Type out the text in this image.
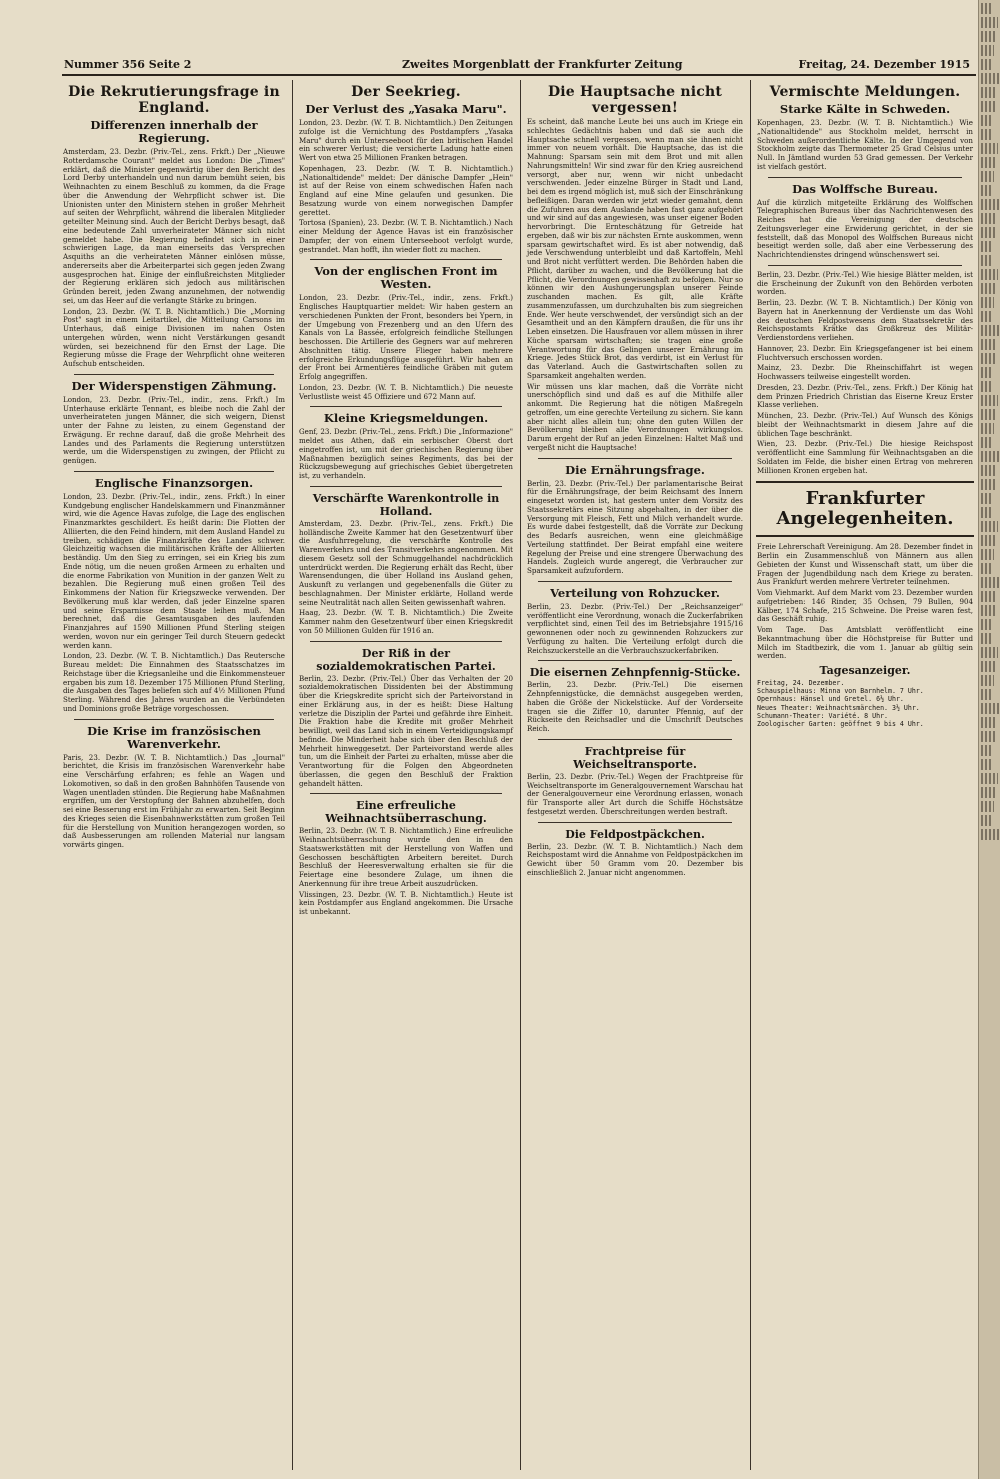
Nummer 356 Seite 2	Zweites Morgenblatt der Frankfurter Zeitung	Freitag, 24. Dezember 1915
Die Rekrutierungsfrage in England.
Differenzen innerhalb der Regierung.

Amsterdam, 23. Dezbr. (Priv.-Tel., zens. Frkft.) Der „Nieuwe Rotterdamsche Courant" meldet aus London: Die „Times" erklärt, daß die Minister gegenwärtig über den Bericht des Lord Derby unterhandeln und nun darum bemüht seien, bis Weihnachten zu einem Beschluß zu kommen, da die Frage über die Anwendung der Wehrpflicht schwer ist. Die Unionisten unter den Ministern stehen in großer Mehrheit auf seiten der Wehrpflicht, während die liberalen Mitglieder geteilter Meinung sind. Auch der Bericht Derbys besagt, daß eine bedeutende Zahl unverheirateter Männer sich nicht gemeldet habe. Die Regierung befindet sich in einer schwierigen Lage, da man einerseits das Versprechen Asquiths an die verheirateten Männer einlösen müsse, andererseits aber die Arbeiterpartei sich gegen jeden Zwang ausgesprochen hat. Einige der einflußreichsten Mitglieder der Regierung erklären sich jedoch aus militärischen Gründen bereit, jeden Zwang anzunehmen, der notwendig sei, um das Heer auf die verlangte Stärke zu bringen.

London, 23. Dezbr. (W. T. B. Nichtamtlich.) Die „Morning Post" sagt in einem Leitartikel, die Mitteilung Carsons im Unterhaus, daß einige Divisionen im nahen Osten untergehen würden, wenn nicht Verstärkungen gesandt würden, sei bezeichnend für den Ernst der Lage. Die Regierung müsse die Frage der Wehrpflicht ohne weiteren Aufschub entscheiden.

Der Widerspenstigen Zähmung.

London, 23. Dezbr. (Priv.-Tel., indir., zens. Frkft.) Im Unterhause erklärte Tennant, es bleibe noch die Zahl der unverheirateten jungen Männer, die sich weigern, Dienst unter der Fahne zu leisten, zu einem Gegenstand der Erwägung. Er rechne darauf, daß die große Mehrheit des Landes und des Parlaments die Regierung unterstützen werde, um die Widerspenstigen zu zwingen, der Pflicht zu genügen.

Englische Finanzsorgen.

London, 23. Dezbr. (Priv.-Tel., indir., zens. Frkft.) In einer Kundgebung englischer Handelskammern und Finanzmänner wird, wie die Agence Havas zufolge, die Lage des englischen Finanzmarktes geschildert. Es heißt darin: Die Flotten der Alliierten, die den Feind hindern, mit dem Ausland Handel zu treiben, schädigen die Finanzkräfte des Landes schwer. Gleichzeitig wachsen die militärischen Kräfte der Alliierten beständig. Um den Sieg zu erringen, sei ein Krieg bis zum Ende nötig, um die neuen großen Armeen zu erhalten und die enorme Fabrikation von Munition in der ganzen Welt zu bezahlen. Die Regierung muß einen großen Teil des Einkommens der Nation für Kriegszwecke verwenden. Der Bevölkerung muß klar werden, daß jeder Einzelne sparen und seine Ersparnisse dem Staate leihen muß. Man berechnet, daß die Gesamtausgaben des laufenden Finanzjahres auf 1590 Millionen Pfund Sterling steigen werden, wovon nur ein geringer Teil durch Steuern gedeckt werden kann.

London, 23. Dezbr. (W. T. B. Nichtamtlich.) Das Reutersche Bureau meldet: Die Einnahmen des Staatsschatzes im Reichstage über die Kriegsanleihe und die Einkommensteuer ergaben bis zum 18. Dezember 175 Millionen Pfund Sterling, die Ausgaben des Tages beliefen sich auf 4½ Millionen Pfund Sterling. Während des Jahres wurden an die Verbündeten und Dominions große Beträge vorgeschossen.

Die Krise im französischen Warenverkehr.

Paris, 23. Dezbr. (W. T. B. Nichtamtlich.) Das „Journal" berichtet, die Krisis im französischen Warenverkehr habe eine Verschärfung erfahren; es fehle an Wagen und Lokomotiven, so daß in den großen Bahnhöfen Tausende von Wagen unentladen stünden. Die Regierung habe Maßnahmen ergriffen, um der Verstopfung der Bahnen abzuhelfen, doch sei eine Besserung erst im Frühjahr zu erwarten. Seit Beginn des Krieges seien die Eisenbahnwerkstätten zum großen Teil für die Herstellung von Munition herangezogen worden, so daß Ausbesserungen am rollenden Material nur langsam vorwärts gingen.

Der Seekrieg.
Der Verlust des „Yasaka Maru".

London, 23. Dezbr. (W. T. B. Nichtamtlich.) Den Zeitungen zufolge ist die Vernichtung des Postdampfers „Yasaka Maru" durch ein Unterseeboot für den britischen Handel ein schwerer Verlust; die versicherte Ladung hatte einen Wert von etwa 25 Millionen Franken betragen.

Kopenhagen, 23. Dezbr. (W. T. B. Nichtamtlich.) „Nationaltidende" meldet: Der dänische Dampfer „Hein" ist auf der Reise von einem schwedischen Hafen nach England auf eine Mine gelaufen und gesunken. Die Besatzung wurde von einem norwegischen Dampfer gerettet.

Tortosa (Spanien), 23. Dezbr. (W. T. B. Nichtamtlich.) Nach einer Meldung der Agence Havas ist ein französischer Dampfer, der von einem Unterseeboot verfolgt wurde, gestrandet. Man hofft, ihn wieder flott zu machen.

Von der englischen Front im Westen.

London, 23. Dezbr. (Priv.-Tel., indir., zens. Frkft.) Englisches Hauptquartier meldet: Wir haben gestern an verschiedenen Punkten der Front, besonders bei Ypern, in der Umgebung von Frezenberg und an den Ufern des Kanals von La Bassée, erfolgreich feindliche Stellungen beschossen. Die Artillerie des Gegners war auf mehreren Abschnitten tätig. Unsere Flieger haben mehrere erfolgreiche Erkundungsflüge ausgeführt. Wir haben an der Front bei Armentières feindliche Gräben mit gutem Erfolg angegriffen.

London, 23. Dezbr. (W. T. B. Nichtamtlich.) Die neueste Verlustliste weist 45 Offiziere und 672 Mann auf.

Kleine Kriegsmeldungen.

Genf, 23. Dezbr. (Priv.-Tel., zens. Frkft.) Die „Informazione" meldet aus Athen, daß ein serbischer Oberst dort eingetroffen ist, um mit der griechischen Regierung über Maßnahmen bezüglich seines Regiments, das bei der Rückzugsbewegung auf griechisches Gebiet übergetreten ist, zu verhandeln.

Verschärfte Warenkontrolle in Holland.

Amsterdam, 23. Dezbr. (Priv.-Tel., zens. Frkft.) Die holländische Zweite Kammer hat den Gesetzentwurf über die Ausfuhrregelung, die verschärfte Kontrolle des Warenverkehrs und des Transitverkehrs angenommen. Mit diesem Gesetz soll der Schmuggelhandel nachdrücklich unterdrückt werden. Die Regierung erhält das Recht, über Warensendungen, die über Holland ins Ausland gehen, Auskunft zu verlangen und gegebenenfalls die Güter zu beschlagnahmen. Der Minister erklärte, Holland werde seine Neutralität nach allen Seiten gewissenhaft wahren.

Haag, 23. Dezbr. (W. T. B. Nichtamtlich.) Die Zweite Kammer nahm den Gesetzentwurf über einen Kriegskredit von 50 Millionen Gulden für 1916 an.

Der Riß in der sozialdemokratischen Partei.

Berlin, 23. Dezbr. (Priv.-Tel.) Über das Verhalten der 20 sozialdemokratischen Dissidenten bei der Abstimmung über die Kriegskredite spricht sich der Parteivorstand in einer Erklärung aus, in der es heißt: Diese Haltung verletze die Disziplin der Partei und gefährde ihre Einheit. Die Fraktion habe die Kredite mit großer Mehrheit bewilligt, weil das Land sich in einem Verteidigungskampf befinde. Die Minderheit habe sich über den Beschluß der Mehrheit hinweggesetzt. Der Parteivorstand werde alles tun, um die Einheit der Partei zu erhalten, müsse aber die Verantwortung für die Folgen den Abgeordneten überlassen, die gegen den Beschluß der Fraktion gehandelt hätten.

Eine erfreuliche Weihnachtsüberraschung.

Berlin, 23. Dezbr. (W. T. B. Nichtamtlich.) Eine erfreuliche Weihnachtsüberraschung wurde den in den Staatswerkstätten mit der Herstellung von Waffen und Geschossen beschäftigten Arbeitern bereitet. Durch Beschluß der Heeresverwaltung erhalten sie für die Feiertage eine besondere Zulage, um ihnen die Anerkennung für ihre treue Arbeit auszudrücken.

Vlissingen, 23. Dezbr. (W. T. B. Nichtamtlich.) Heute ist kein Postdampfer aus England angekommen. Die Ursache ist unbekannt.

Die Hauptsache nicht vergessen!

Es scheint, daß manche Leute bei uns auch im Kriege ein schlechtes Gedächtnis haben und daß sie auch die Hauptsache schnell vergessen, wenn man sie ihnen nicht immer von neuem vorhält. Die Hauptsache, das ist die Mahnung: Sparsam sein mit dem Brot und mit allen Nahrungsmitteln! Wir sind zwar für den Krieg ausreichend versorgt, aber nur, wenn wir nicht unbedacht verschwenden. Jeder einzelne Bürger in Stadt und Land, bei dem es irgend möglich ist, muß sich der Einschränkung befleißigen. Daran werden wir jetzt wieder gemahnt, denn die Zufuhren aus dem Auslande haben fast ganz aufgehört und wir sind auf das angewiesen, was unser eigener Boden hervorbringt. Die Ernteschätzung für Getreide hat ergeben, daß wir bis zur nächsten Ernte auskommen, wenn sparsam gewirtschaftet wird. Es ist aber notwendig, daß jede Verschwendung unterbleibt und daß Kartoffeln, Mehl und Brot nicht verfüttert werden. Die Behörden haben die Pflicht, darüber zu wachen, und die Bevölkerung hat die Pflicht, die Verordnungen gewissenhaft zu befolgen. Nur so können wir den Aushungerungsplan unserer Feinde zuschanden machen. Es gilt, alle Kräfte zusammenzufassen, um durchzuhalten bis zum siegreichen Ende. Wer heute verschwendet, der versündigt sich an der Gesamtheit und an den Kämpfern draußen, die für uns ihr Leben einsetzen. Die Hausfrauen vor allem müssen in ihrer Küche sparsam wirtschaften; sie tragen eine große Verantwortung für das Gelingen unserer Ernährung im Kriege. Jedes Stück Brot, das verdirbt, ist ein Verlust für das Vaterland. Auch die Gastwirtschaften sollen zu Sparsamkeit angehalten werden.

Wir müssen uns klar machen, daß die Vorräte nicht unerschöpflich sind und daß es auf die Mithilfe aller ankommt. Die Regierung hat die nötigen Maßregeln getroffen, um eine gerechte Verteilung zu sichern. Sie kann aber nicht alles allein tun; ohne den guten Willen der Bevölkerung bleiben alle Verordnungen wirkungslos. Darum ergeht der Ruf an jeden Einzelnen: Haltet Maß und vergeßt nicht die Hauptsache!

Die Ernährungsfrage.

Berlin, 23. Dezbr. (Priv.-Tel.) Der parlamentarische Beirat für die Ernährungsfrage, der beim Reichsamt des Innern eingesetzt worden ist, hat gestern unter dem Vorsitz des Staatssekretärs eine Sitzung abgehalten, in der über die Versorgung mit Fleisch, Fett und Milch verhandelt wurde. Es wurde dabei festgestellt, daß die Vorräte zur Deckung des Bedarfs ausreichen, wenn eine gleichmäßige Verteilung stattfindet. Der Beirat empfahl eine weitere Regelung der Preise und eine strengere Überwachung des Handels. Zugleich wurde angeregt, die Verbraucher zur Sparsamkeit aufzufordern.

Verteilung von Rohzucker.

Berlin, 23. Dezbr. (Priv.-Tel.) Der „Reichsanzeiger" veröffentlicht eine Verordnung, wonach die Zuckerfabriken verpflichtet sind, einen Teil des im Betriebsjahre 1915/16 gewonnenen oder noch zu gewinnenden Rohzuckers zur Verfügung zu halten. Die Verteilung erfolgt durch die Reichszuckerstelle an die Verbrauchszuckerfabriken.

Die eisernen Zehnpfennig-Stücke.

Berlin, 23. Dezbr. (Priv.-Tel.) Die eisernen Zehnpfennigstücke, die demnächst ausgegeben werden, haben die Größe der Nickelstücke. Auf der Vorderseite tragen sie die Ziffer 10, darunter Pfennig, auf der Rückseite den Reichsadler und die Umschrift Deutsches Reich.

Frachtpreise für Weichseltransporte.

Berlin, 23. Dezbr. (Priv.-Tel.) Wegen der Frachtpreise für Weichseltransporte im Generalgouvernement Warschau hat der Generalgouverneur eine Verordnung erlassen, wonach für Transporte aller Art durch die Schiffe Höchstsätze festgesetzt werden. Überschreitungen werden bestraft.

Die Feldpostpäckchen.

Berlin, 23. Dezbr. (W. T. B. Nichtamtlich.) Nach dem Reichspostamt wird die Annahme von Feldpostpäckchen im Gewicht über 50 Gramm vom 20. Dezember bis einschließlich 2. Januar nicht angenommen.

Vermischte Meldungen.
Starke Kälte in Schweden.

Kopenhagen, 23. Dezbr. (W. T. B. Nichtamtlich.) Wie „Nationaltidende" aus Stockholm meldet, herrscht in Schweden außerordentliche Kälte. In der Umgegend von Stockholm zeigte das Thermometer 25 Grad Celsius unter Null. In Jämtland wurden 53 Grad gemessen. Der Verkehr ist vielfach gestört.

Das Wolffsche Bureau.

Auf die kürzlich mitgeteilte Erklärung des Wolffschen Telegraphischen Bureaus über das Nachrichtenwesen des Reiches hat die Vereinigung der deutschen Zeitungsverleger eine Erwiderung gerichtet, in der sie feststellt, daß das Monopol des Wolffschen Bureaus nicht beseitigt werden solle, daß aber eine Verbesserung des Nachrichtendienstes dringend wünschenswert sei.

Berlin, 23. Dezbr. (Priv.-Tel.) Wie hiesige Blätter melden, ist die Erscheinung der Zukunft von den Behörden verboten worden.

Berlin, 23. Dezbr. (W. T. B. Nichtamtlich.) Der König von Bayern hat in Anerkennung der Verdienste um das Wohl des deutschen Feldpostwesens dem Staatssekretär des Reichspostamts Krätke das Großkreuz des Militär-Verdienstordens verliehen.

Hannover, 23. Dezbr. Ein Kriegsgefangener ist bei einem Fluchtversuch erschossen worden.

Mainz, 23. Dezbr. Die Rheinschiffahrt ist wegen Hochwassers teilweise eingestellt worden.

Dresden, 23. Dezbr. (Priv.-Tel., zens. Frkft.) Der König hat dem Prinzen Friedrich Christian das Eiserne Kreuz Erster Klasse verliehen.

München, 23. Dezbr. (Priv.-Tel.) Auf Wunsch des Königs bleibt der Weihnachtsmarkt in diesem Jahre auf die üblichen Tage beschränkt.

Wien, 23. Dezbr. (Priv.-Tel.) Die hiesige Reichspost veröffentlicht eine Sammlung für Weihnachtsgaben an die Soldaten im Felde, die bisher einen Ertrag von mehreren Millionen Kronen ergeben hat.

Frankfurter Angelegenheiten.

Freie Lehrerschaft Vereinigung. Am 28. Dezember findet in Berlin ein Zusammenschluß von Männern aus allen Gebieten der Kunst und Wissenschaft statt, um über die Fragen der Jugendbildung nach dem Kriege zu beraten. Aus Frankfurt werden mehrere Vertreter teilnehmen.

Vom Viehmarkt. Auf dem Markt vom 23. Dezember wurden aufgetrieben: 146 Rinder, 35 Ochsen, 79 Bullen, 904 Kälber, 174 Schafe, 215 Schweine. Die Preise waren fest, das Geschäft ruhig.

Vom Tage. Das Amtsblatt veröffentlicht eine Bekanntmachung über die Höchstpreise für Butter und Milch im Stadtbezirk, die vom 1. Januar ab gültig sein werden.

Tagesanzeiger.
Freitag, 24. Dezember.
Schauspielhaus: Minna von Barnhelm. 7 Uhr.
Opernhaus: Hänsel und Gretel. 6½ Uhr.
Neues Theater: Weihnachtsmärchen. 3½ Uhr.
Schumann-Theater: Variété. 8 Uhr.
Zoologischer Garten: geöffnet 9 bis 4 Uhr.
